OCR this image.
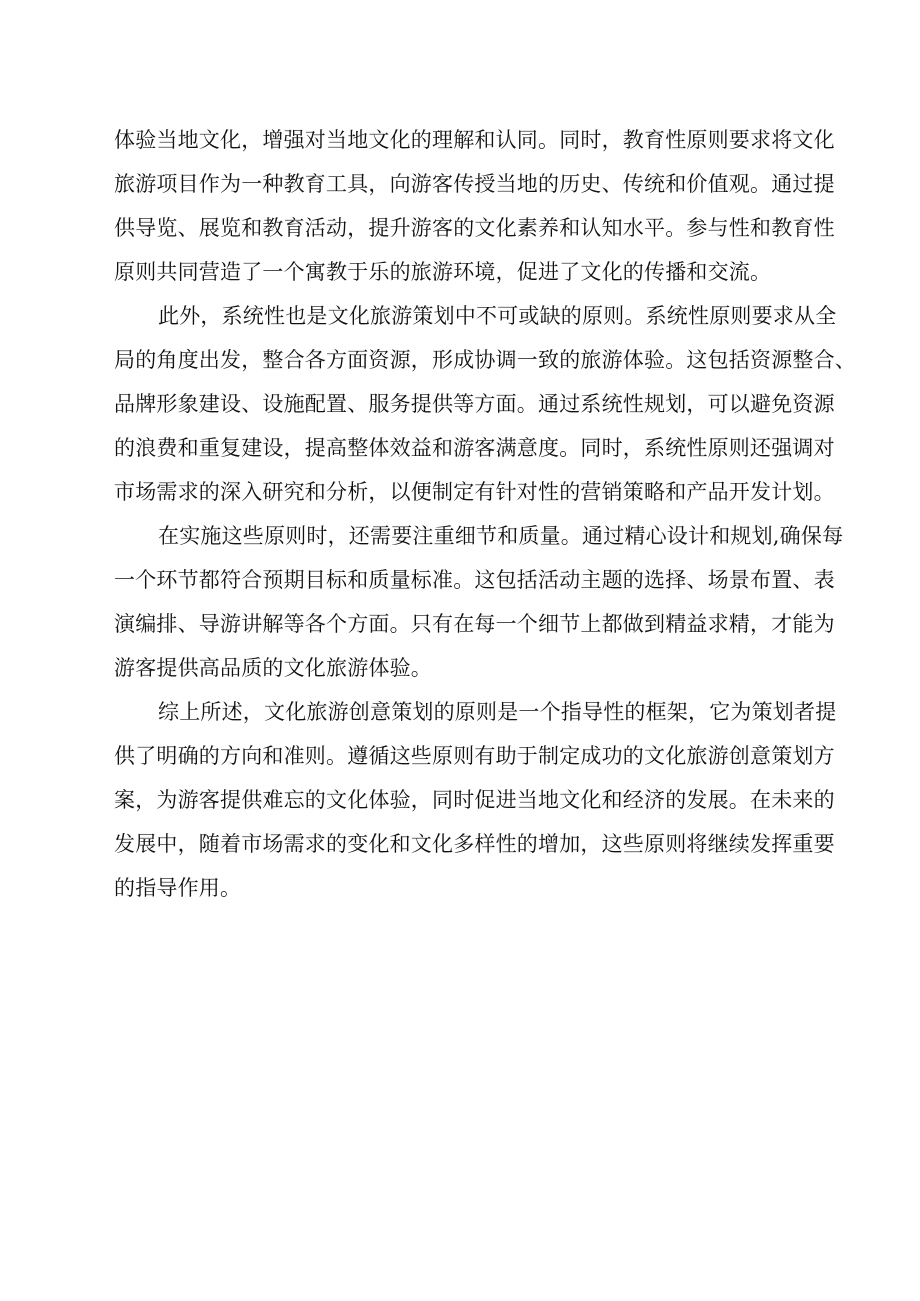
体验当地文化，增强对当地文化的理解和认同。同时，教育性原则要求将文化
旅游项目作为一种教育工具，向游客传授当地的历史、传统和价值观。通过提
供导览、展览和教育活动，提升游客的文化素养和认知水平。参与性和教育性
原则共同营造了一个寓教于乐的旅游环境，促进了文化的传播和交流。
此外，系统性也是文化旅游策划中不可或缺的原则。系统性原则要求从全
局的角度出发，整合各方面资源，形成协调一致的旅游体验。这包括资源整合、
品牌形象建设、设施配置、服务提供等方面。通过系统性规划，可以避免资源
的浪费和重复建设，提高整体效益和游客满意度。同时，系统性原则还强调对
市场需求的深入研究和分析，以便制定有针对性的营销策略和产品开发计划。
在实施这些原则时，还需要注重细节和质量。通过精心设计和规划,确保每
一个环节都符合预期目标和质量标准。这包括活动主题的选择、场景布置、表
演编排、导游讲解等各个方面。只有在每一个细节上都做到精益求精，才能为
游客提供高品质的文化旅游体验。
综上所述，文化旅游创意策划的原则是一个指导性的框架，它为策划者提
供了明确的方向和准则。遵循这些原则有助于制定成功的文化旅游创意策划方
案，为游客提供难忘的文化体验，同时促进当地文化和经济的发展。在未来的
发展中，随着市场需求的变化和文化多样性的增加，这些原则将继续发挥重要
的指导作用。
